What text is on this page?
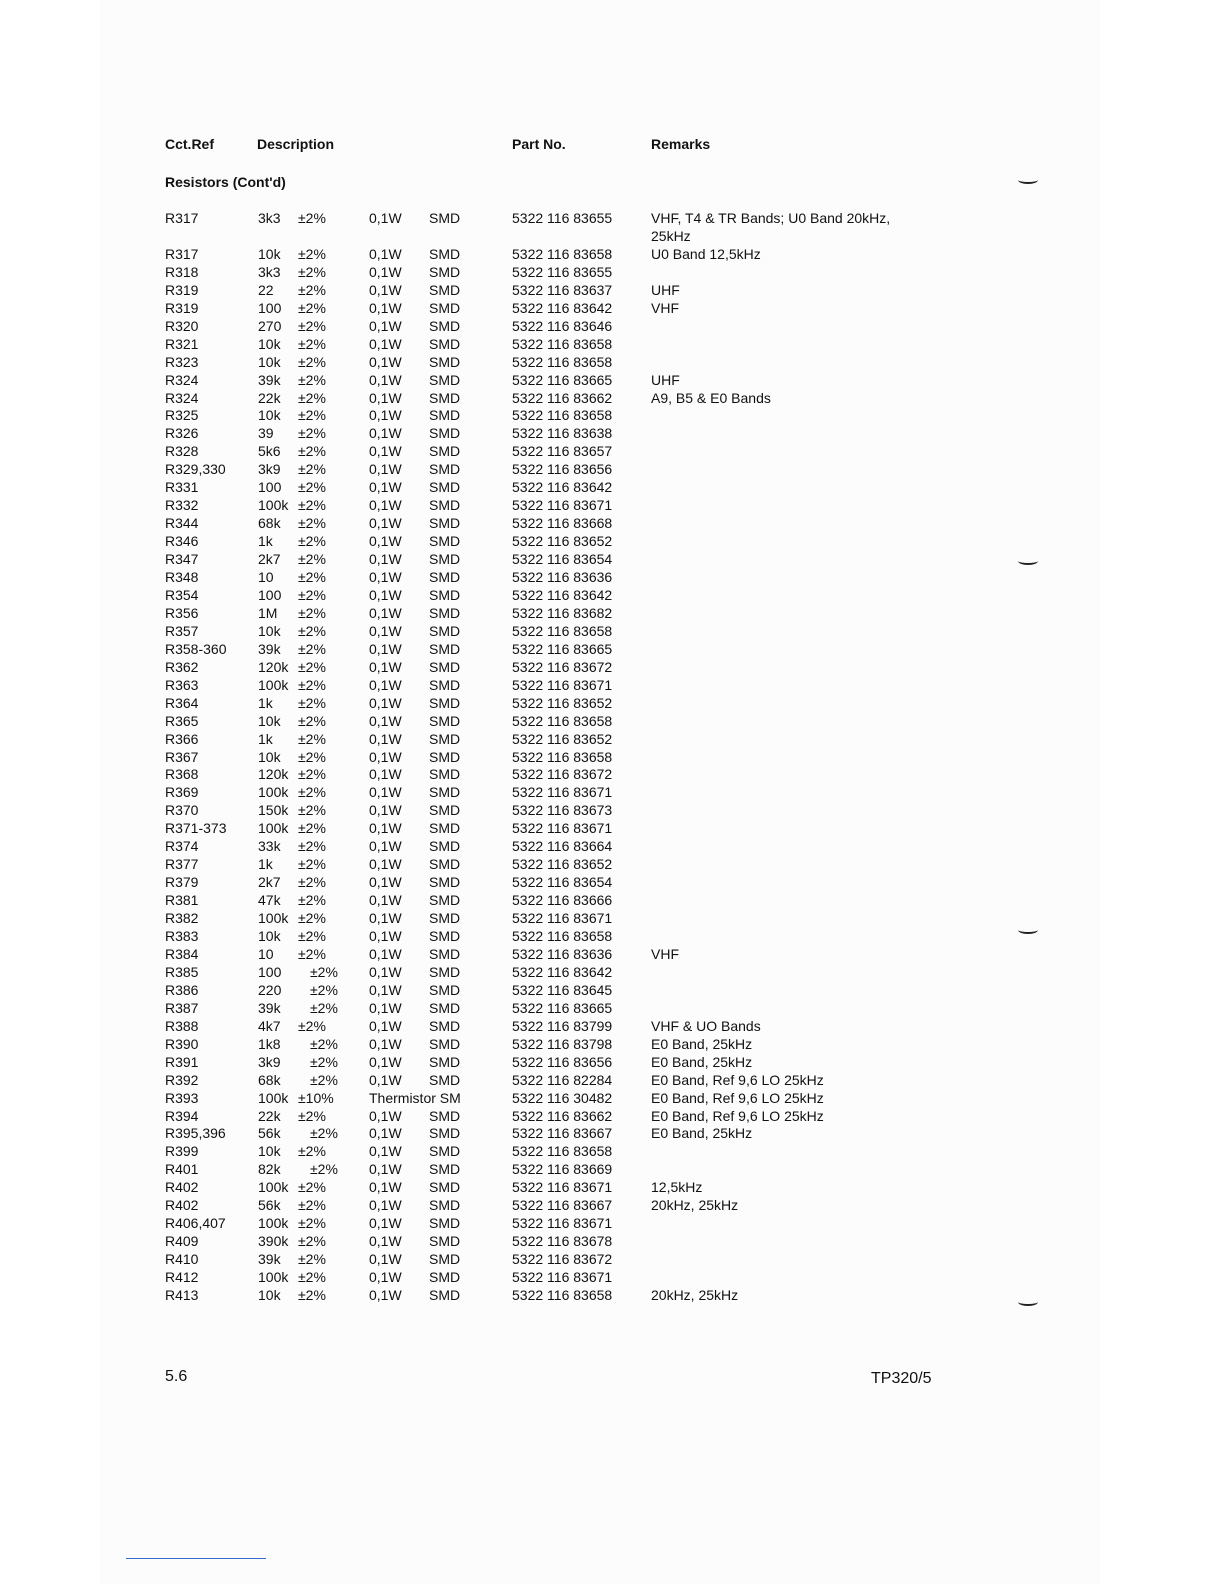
Cct.Ref	Description	Part No.	Remarks
Resistors (Cont'd)
R317	3k3 ±2%	0,1W SMD	5322 116 83655	VHF, T4 & TR Bands; U0 Band 20kHz, 25kHz
R317	10k ±2%	0,1W SMD	5322 116 83658	U0 Band 12,5kHz
R318	3k3 ±2%	0,1W SMD	5322 116 83655
R319	22 ±2%	0,1W SMD	5322 116 83637	UHF
R319	100 ±2%	0,1W SMD	5322 116 83642	VHF
R320	270 ±2%	0,1W SMD	5322 116 83646
R321	10k ±2%	0,1W SMD	5322 116 83658
R323	10k ±2%	0,1W SMD	5322 116 83658
R324	39k ±2%	0,1W SMD	5322 116 83665	UHF
R324	22k ±2%	0,1W SMD	5322 116 83662	A9, B5 & E0 Bands
R325	10k ±2%	0,1W SMD	5322 116 83658
R326	39 ±2%	0,1W SMD	5322 116 83638
R328	5k6 ±2%	0,1W SMD	5322 116 83657
R329,330 3k9 ±2%	0,1W SMD	5322 116 83656
R331	100 ±2%	0,1W SMD	5322 116 83642
R332	100k ±2%	0,1W SMD	5322 116 83671
R344	68k ±2%	0,1W SMD	5322 116 83668
R346	1k ±2%	0,1W SMD	5322 116 83652
R347	2k7 ±2%	0,1W SMD	5322 116 83654
R348	10 ±2%	0,1W SMD	5322 116 83636
R354	100 ±2%	0,1W SMD	5322 116 83642
R356	1M ±2%	0,1W SMD	5322 116 83682
R357	10k ±2%	0,1W SMD	5322 116 83658
R358-360 39k ±2%	0,1W SMD	5322 116 83665
R362	120k ±2%	0,1W SMD	5322 116 83672
R363	100k ±2%	0,1W SMD	5322 116 83671
R364	1k ±2%	0,1W SMD	5322 116 83652
R365	10k ±2%	0,1W SMD	5322 116 83658
R366	1k ±2%	0,1W SMD	5322 116 83652
R367	10k ±2%	0,1W SMD	5322 116 83658
R368	120k ±2%	0,1W SMD	5322 116 83672
R369	100k ±2%	0,1W SMD	5322 116 83671
R370	150k ±2%	0,1W SMD	5322 116 83673
R371-373 100k ±2%	0,1W SMD	5322 116 83671
R374	33k ±2%	0,1W SMD	5322 116 83664
R377	1k ±2%	0,1W SMD	5322 116 83652
R379	2k7 ±2%	0,1W SMD	5322 116 83654
R381	47k ±2%	0,1W SMD	5322 116 83666
R382	100k ±2%	0,1W SMD	5322 116 83671
R383	10k ±2%	0,1W SMD	5322 116 83658
R384	10 ±2%	0,1W SMD	5322 116 83636	VHF
R385	100 ±2% 0,1W SMD	5322 116 83642
R386	220 ±2% 0,1W SMD	5322 116 83645
R387	39k ±2% 0,1W SMD	5322 116 83665
R388	4k7 ±2%	0,1W SMD	5322 116 83799	VHF & UO Bands
R390	1k8 ±2% 0,1W SMD	5322 116 83798	E0 Band, 25kHz
R391	3k9 ±2% 0,1W SMD	5322 116 83656	E0 Band, 25kHz
R392	68k ±2% 0,1W SMD	5322 116 82284	E0 Band, Ref 9,6 LO 25kHz
R393	100k ±10%	Thermistor SM	5322 116 30482	E0 Band, Ref 9,6 LO 25kHz
R394	22k ±2%	0,1W SMD	5322 116 83662	E0 Band, Ref 9,6 LO 25kHz
R395,396 56k ±2% 0,1W SMD	5322 116 83667	E0 Band, 25kHz
R399	10k ±2%	0,1W SMD	5322 116 83658
R401	82k ±2% 0,1W SMD	5322 116 83669
R402	100k ±2%	0,1W SMD	5322 116 83671	12,5kHz
R402	56k ±2%	0,1W SMD	5322 116 83667	20kHz, 25kHz
R406,407 100k ±2%	0,1W SMD	5322 116 83671
R409	390k ±2%	0,1W SMD	5322 116 83678
R410	39k ±2%	0,1W SMD	5322 116 83672
R412	100k ±2%	0,1W SMD	5322 116 83671
R413	10k ±2%	0,1W SMD	5322 116 83658	20kHz, 25kHz
5.6	TP320/5
